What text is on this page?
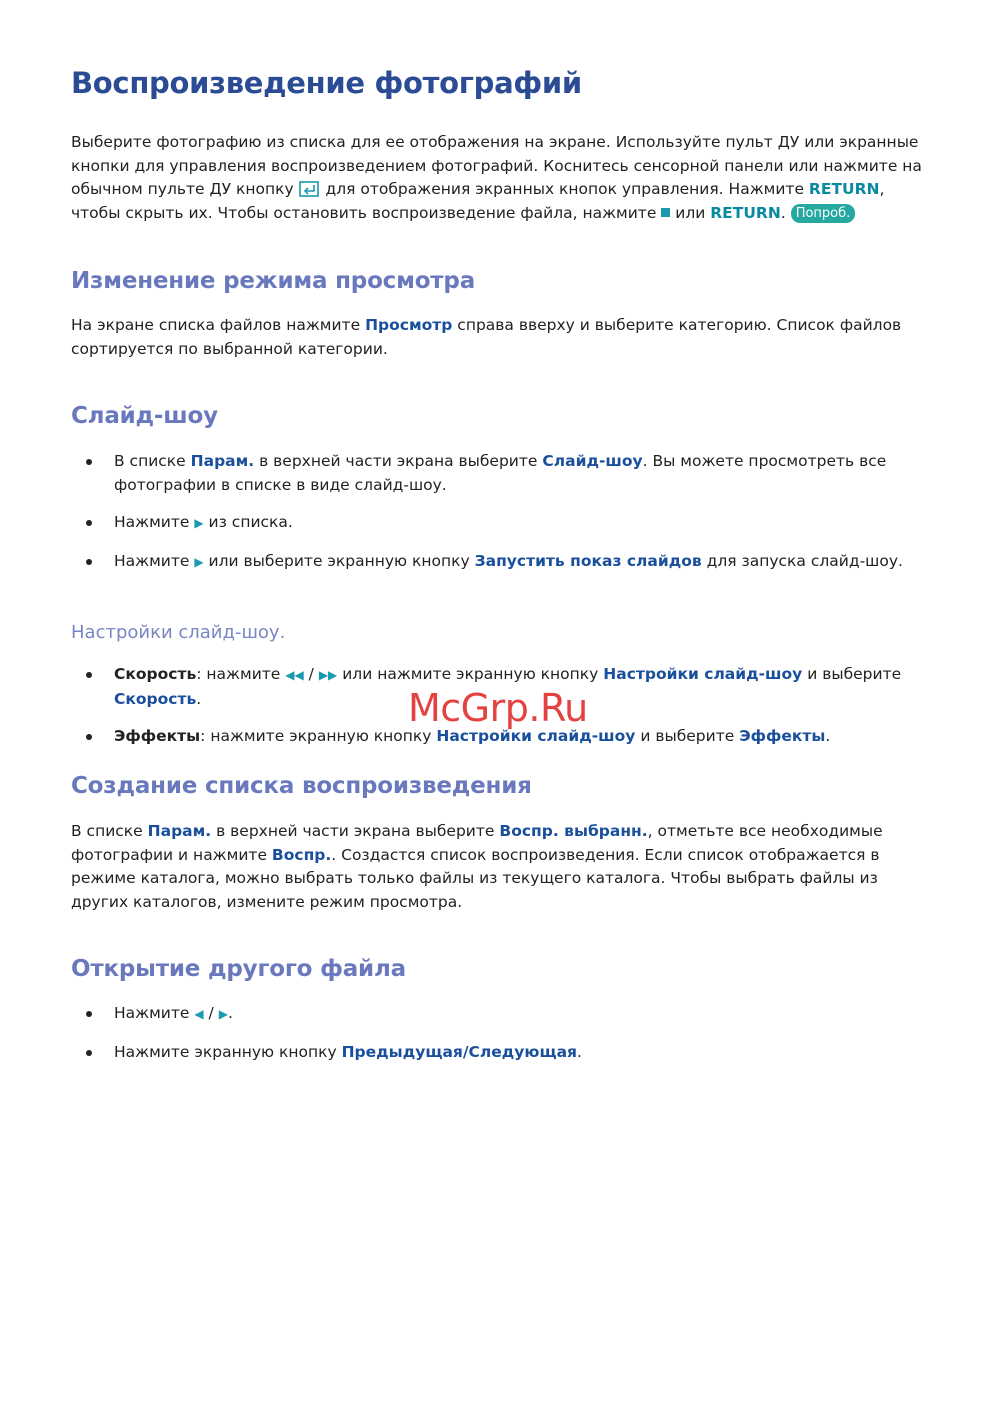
Воспроизведение фотографий

Выберите фотографию из списка для ее отображения на экране. Используйте пульт ДУ или экранные кнопки для управления воспроизведением фотографий. Коснитесь сенсорной панели или нажмите на обычном пульте ДУ кнопку  для отображения экранных кнопок управления. Нажмите RETURN, чтобы скрыть их. Чтобы остановить воспроизведение файла, нажмите  или RETURN. Попроб.

Изменение режима просмотра

На экране списка файлов нажмите Просмотр справа вверху и выберите категорию. Список файлов сортируется по выбранной категории.

Слайд-шоу
В списке Парам. в верхней части экрана выберите Слайд-шоу. Вы можете просмотреть все фотографии в списке в виде слайд-шоу.
Нажмите ▶ из списка.
Нажмите ▶ или выберите экранную кнопку Запустить показ слайдов для запуска слайд-шоу.
Настройки слайд-шоу.
Скорость: нажмите ◀◀ / ▶▶ или нажмите экранную кнопку Настройки слайд-шоу и выберите Скорость.
Эффекты: нажмите экранную кнопку Настройки слайд-шоу и выберите Эффекты.
Создание списка воспроизведения

В списке Парам. в верхней части экрана выберите Воспр. выбранн., отметьте все необходимые фотографии и нажмите Воспр.. Создастся список воспроизведения. Если список отображается в режиме каталога, можно выбрать только файлы из текущего каталога. Чтобы выбрать файлы из других каталогов, измените режим просмотра.

Открытие другого файла
Нажмите ◀ / ▶.
Нажмите экранную кнопку Предыдущая/Следующая.
McGrp.Ru
